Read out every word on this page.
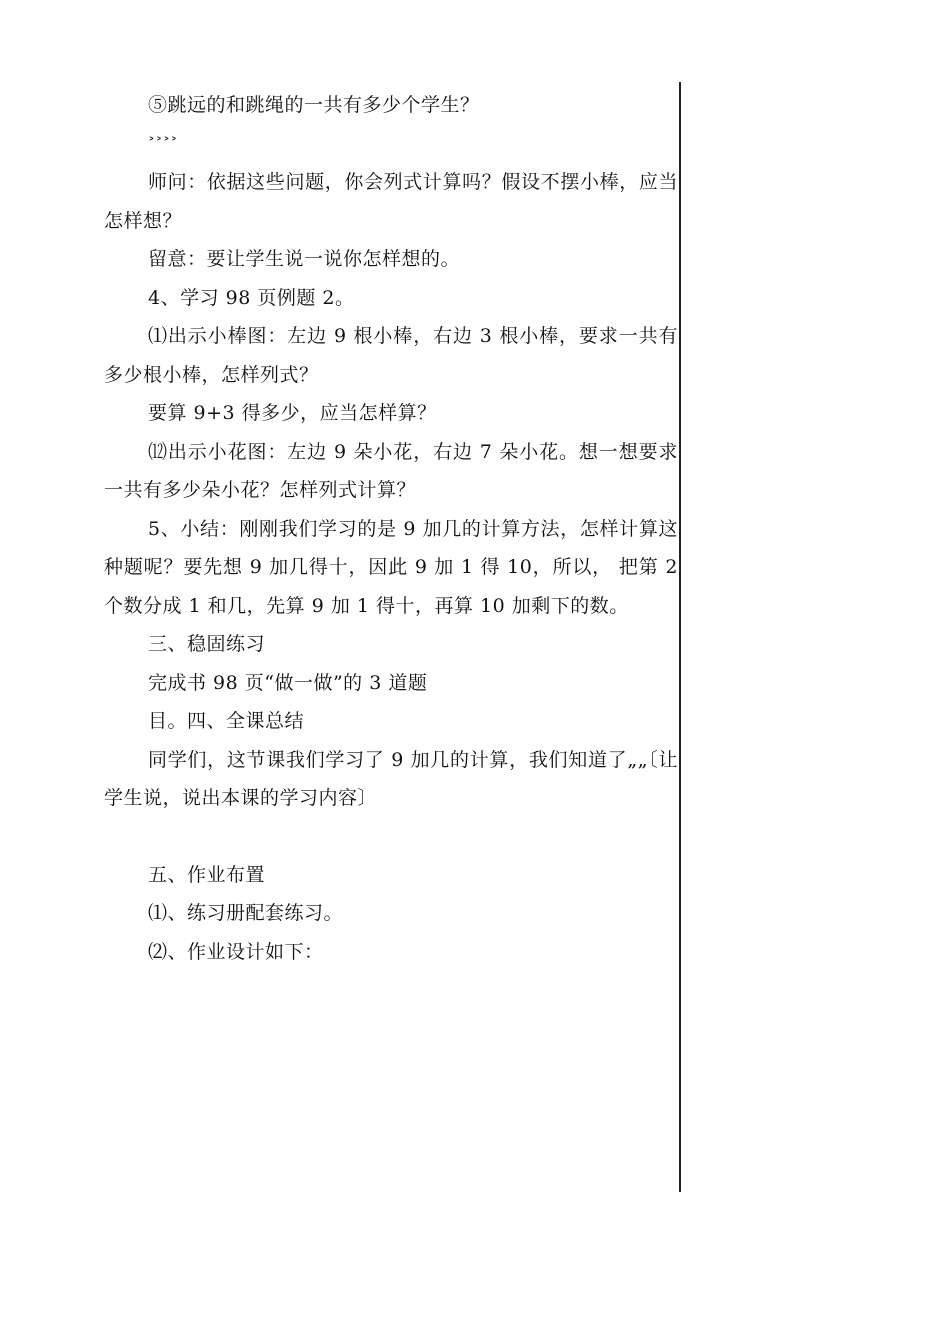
⑤跳远的和跳绳的一共有多少个学生？

˃˃˃˃

师问：依据这些问题，你会列式计算吗？假设不摆小棒，应当怎样想？

留意：要让学生说一说你怎样想的。

4、学习 98 页例题 2。

⑴出示小棒图：左边 9 根小棒，右边 3 根小棒，要求一共有多少根小棒，怎样列式？

要算 9+3 得多少，应当怎样算？

⑿出示小花图：左边 9 朵小花，右边 7 朵小花。想一想要求一共有多少朵小花？怎样列式计算？

5、小结：刚刚我们学习的是 9 加几的计算方法，怎样计算这种题呢？要先想 9 加几得十，因此 9 加 1 得 10，所以， 把第 2 个数分成 1 和几，先算 9 加 1 得十，再算 10 加剩下的数。

三、稳固练习

完成书 98 页“做一做”的 3 道题

目。四、全课总结

同学们，这节课我们学习了 9 加几的计算，我们知道了„„〔让学生说，说出本课的学习内容〕

五、作业布置

⑴、练习册配套练习。

⑵、作业设计如下：
